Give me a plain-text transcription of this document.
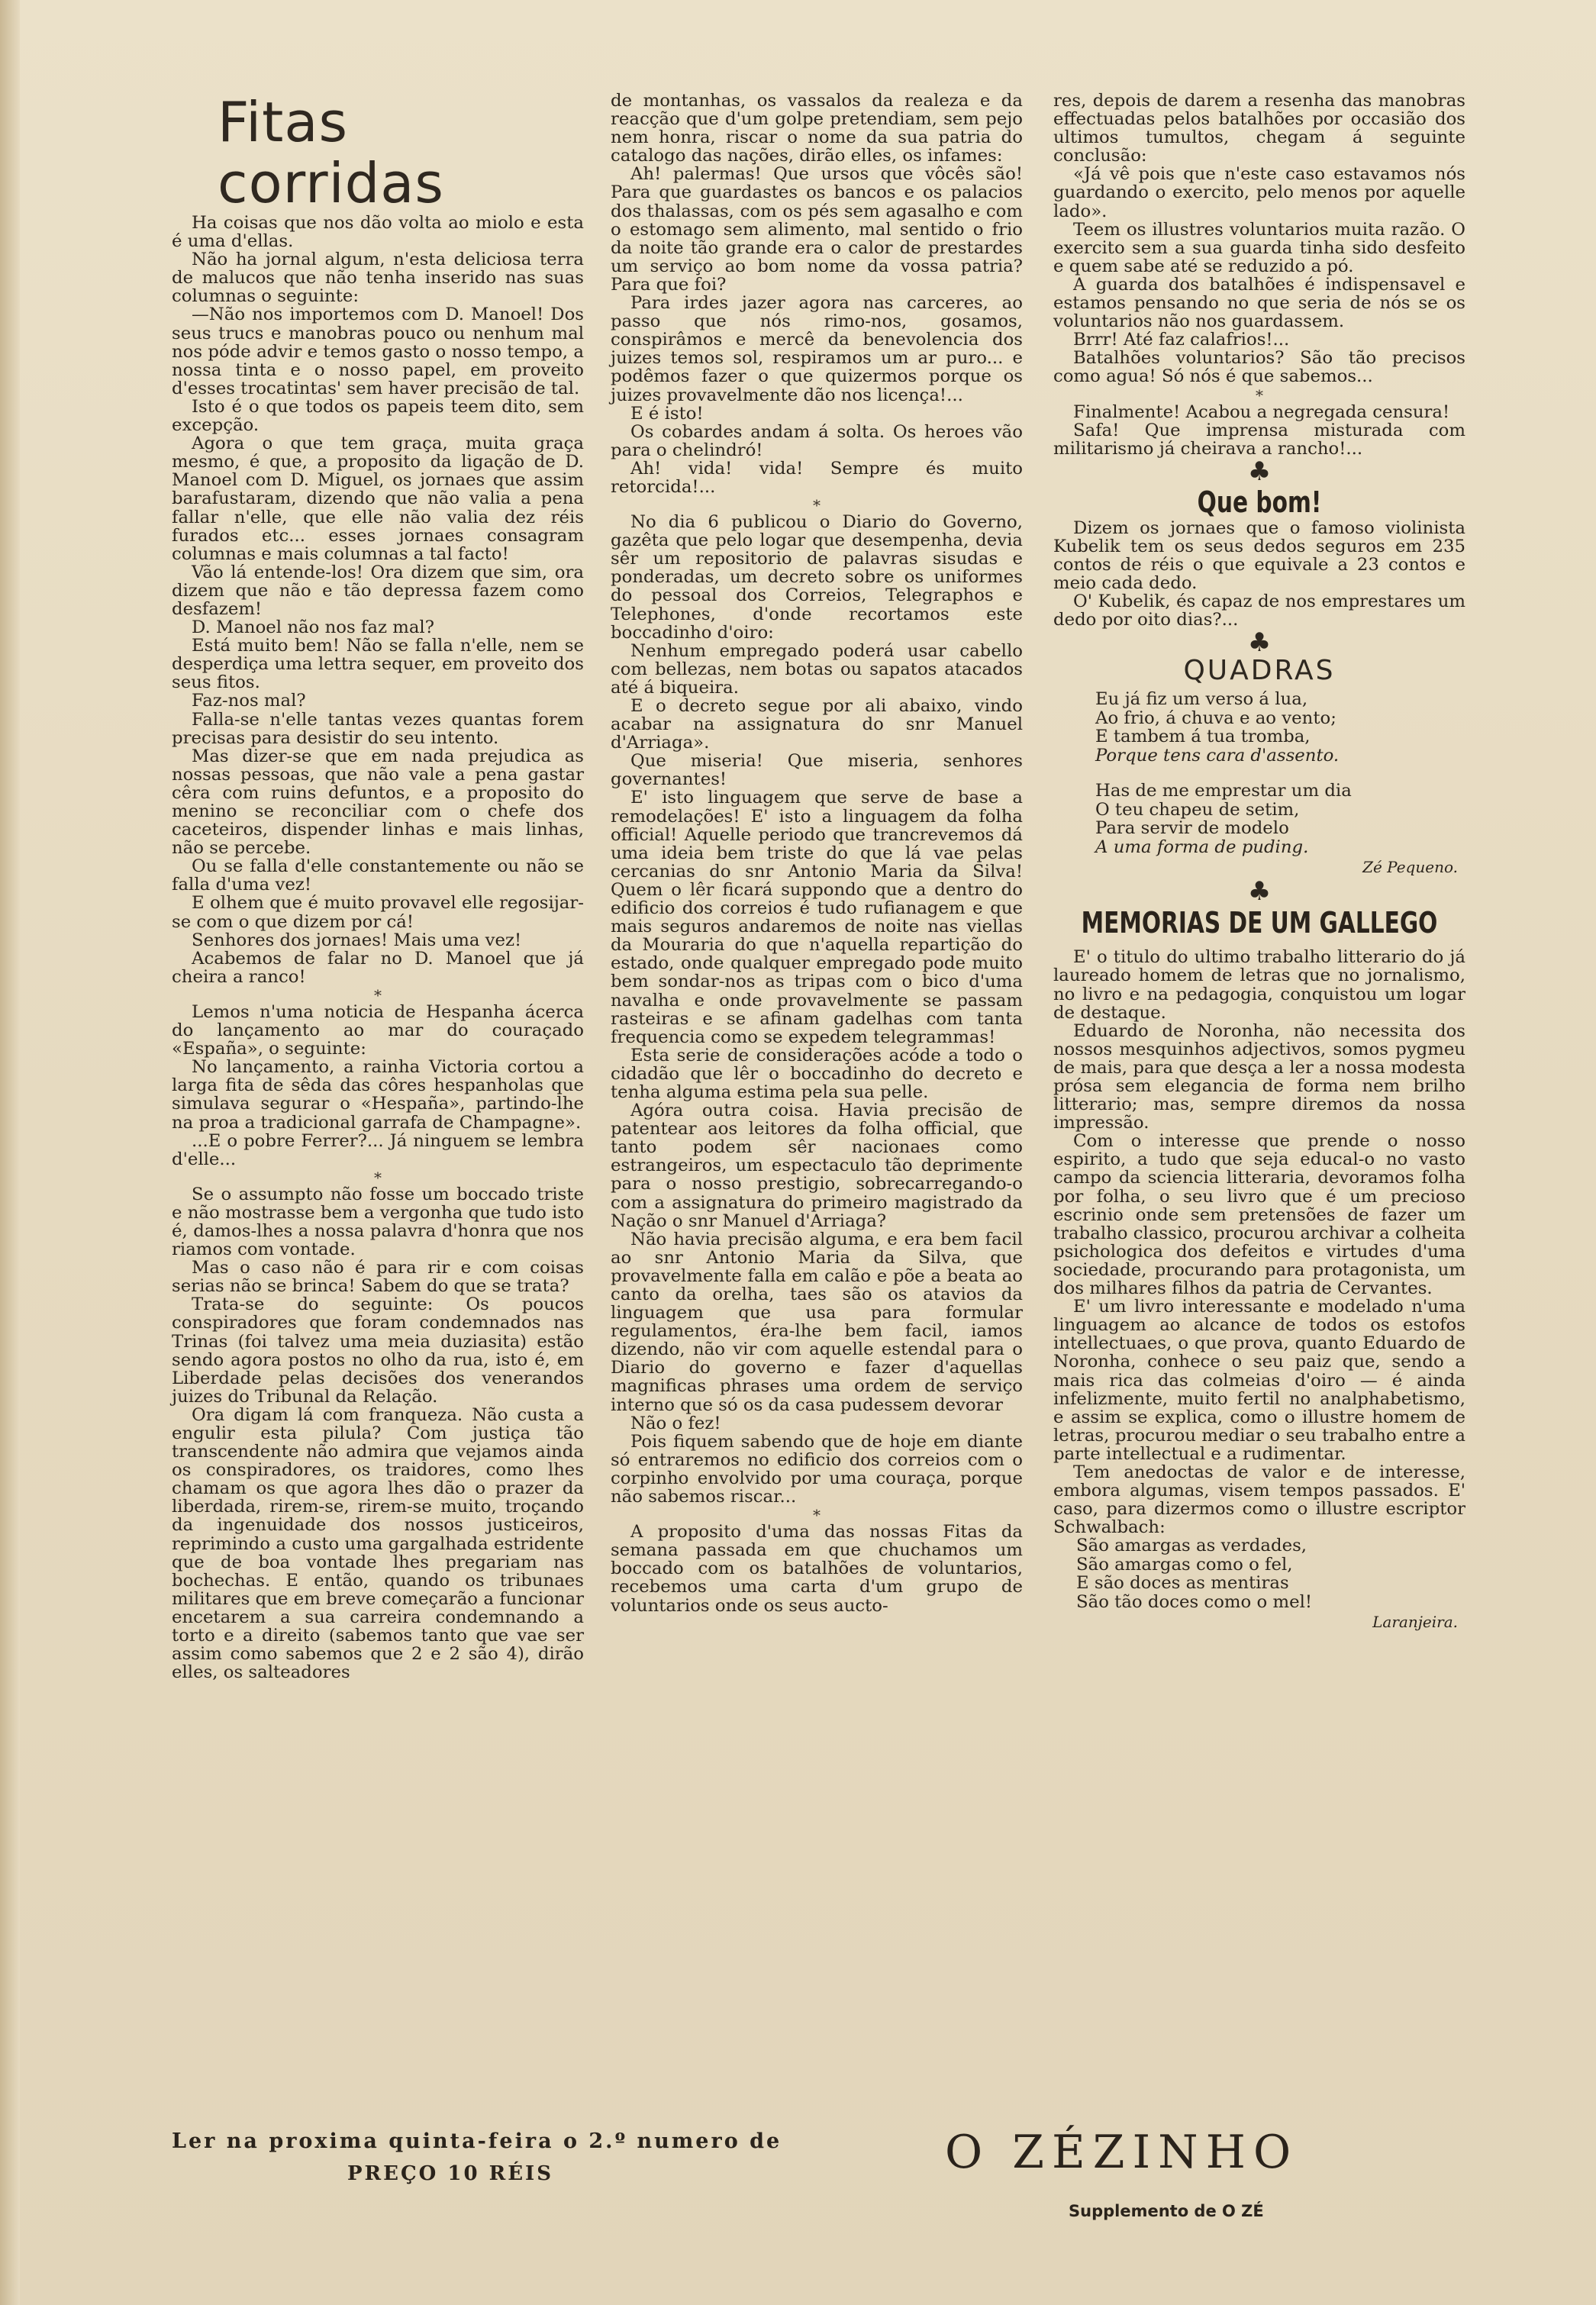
Fitas corridas

Ha coisas que nos dão volta ao miolo e esta é uma d'ellas.

Não ha jornal algum, n'esta deliciosa terra de malucos que não tenha inserido nas suas columnas o seguinte:

—Não nos importemos com D. Manoel! Dos seus trucs e manobras pouco ou nenhum mal nos póde advir e temos gasto o nosso tempo, a nossa tinta e o nosso papel, em proveito d'esses trocatintas' sem haver precisão de tal.

Isto é o que todos os papeis teem dito, sem excepção.

Agora o que tem graça, muita graça mesmo, é que, a proposito da ligação de D. Manoel com D. Miguel, os jornaes que assim barafustaram, dizendo que não valia a pena fallar n'elle, que elle não valia dez réis furados etc... esses jornaes consagram columnas e mais columnas a tal facto!

Vão lá entende-los! Ora dizem que sim, ora dizem que não e tão depressa fazem como desfazem!

D. Manoel não nos faz mal?

Está muito bem! Não se falla n'elle, nem se desperdiça uma lettra sequer, em proveito dos seus fitos.

Faz-nos mal?

Falla-se n'elle tantas vezes quantas forem precisas para desistir do seu intento.

Mas dizer-se que em nada prejudica as nossas pessoas, que não vale a pena gastar cêra com ruins defuntos, e a proposito do menino se reconciliar com o chefe dos caceteiros, dispender linhas e mais linhas, não se percebe.

Ou se falla d'elle constantemente ou não se falla d'uma vez!

E olhem que é muito provavel elle regosijar-se com o que dizem por cá!

Senhores dos jornaes! Mais uma vez!

Acabemos de falar no D. Manoel que já cheira a ranco!

*

Lemos n'uma noticia de Hespanha ácerca do lançamento ao mar do couraçado «España», o seguinte:

No lançamento, a rainha Victoria cortou a larga fita de sêda das côres hespanholas que simulava segurar o «Hespaña», partindo-lhe na proa a tradicional garrafa de Champagne».

...E o pobre Ferrer?... Já ninguem se lembra d'elle...

*

Se o assumpto não fosse um boccado triste e não mostrasse bem a vergonha que tudo isto é, damos-lhes a nossa palavra d'honra que nos riamos com vontade.

Mas o caso não é para rir e com coisas serias não se brinca! Sabem do que se trata?

Trata-se do seguinte: Os poucos conspiradores que foram condemnados nas Trinas (foi talvez uma meia duziasita) estão sendo agora postos no olho da rua, isto é, em Liberdade pelas decisões dos venerandos juizes do Tribunal da Relação.

Ora digam lá com franqueza. Não custa a engulir esta pilula? Com justiça tão transcendente não admira que vejamos ainda os conspiradores, os traidores, como lhes chamam os que agora lhes dão o prazer da liberdada, rirem-se, rirem-se muito, troçando da ingenuidade dos nossos justiceiros, reprimindo a custo uma gargalhada estridente que de boa vontade lhes pregariam nas bochechas. E então, quando os tribunaes militares que em breve começarão a funcionar encetarem a sua carreira condemnando a torto e a direito (sabemos tanto que vae ser assim como sabemos que 2 e 2 são 4), dirão elles, os salteadores

de montanhas, os vassalos da realeza e da reacção que d'um golpe pretendiam, sem pejo nem honra, riscar o nome da sua patria do catalogo das nações, dirão elles, os infames:

Ah! palermas! Que ursos que vôcês são! Para que guardastes os bancos e os palacios dos thalassas, com os pés sem agasalho e com o estomago sem alimento, mal sentido o frio da noite tão grande era o calor de prestardes um serviço ao bom nome da vossa patria? Para que foi?

Para irdes jazer agora nas carceres, ao passo que nós rimo-nos, gosamos, conspirâmos e mercê da benevolencia dos juizes temos sol, respiramos um ar puro... e podêmos fazer o que quizermos porque os juizes provavelmente dão nos licença!...

E é isto!

Os cobardes andam á solta. Os heroes vão para o chelindró!

Ah! vida! vida! Sempre és muito retorcida!...

*

No dia 6 publicou o Diario do Governo, gazêta que pelo logar que desempenha, devia sêr um repositorio de palavras sisudas e ponderadas, um decreto sobre os uniformes do pessoal dos Correios, Telegraphos e Telephones, d'onde recortamos este boccadinho d'oiro:

Nenhum empregado poderá usar cabello com bellezas, nem botas ou sapatos atacados até á biqueira.

E o decreto segue por ali abaixo, vindo acabar na assignatura do snr Manuel d'Arriaga».

Que miseria! Que miseria, senhores governantes!

E' isto linguagem que serve de base a remodelações! E' isto a linguagem da folha official! Aquelle periodo que trancrevemos dá uma ideia bem triste do que lá vae pelas cercanias do snr Antonio Maria da Silva! Quem o lêr ficará suppondo que a dentro do edificio dos correios é tudo rufianagem e que mais seguros andaremos de noite nas viellas da Mouraria do que n'aquella repartição do estado, onde qualquer empregado pode muito bem sondar-nos as tripas com o bico d'uma navalha e onde provavelmente se passam rasteiras e se afinam gadelhas com tanta frequencia como se expedem telegrammas!

Esta serie de considerações acóde a todo o cidadão que lêr o boccadinho do decreto e tenha alguma estima pela sua pelle.

Agóra outra coisa. Havia precisão de patentear aos leitores da folha official, que tanto podem sêr nacionaes como estrangeiros, um espectaculo tão deprimente para o nosso prestigio, sobrecarregando-o com a assignatura do primeiro magistrado da Nação o snr Manuel d'Arriaga?

Não havia precisão alguma, e era bem facil ao snr Antonio Maria da Silva, que provavelmente falla em calão e põe a beata ao canto da orelha, taes são os atavios da linguagem que usa para formular regulamentos, éra-lhe bem facil, iamos dizendo, não vir com aquelle estendal para o Diario do governo e fazer d'aquellas magnificas phrases uma ordem de serviço interno que só os da casa pudessem devorar

Não o fez!

Pois fiquem sabendo que de hoje em diante só entraremos no edificio dos correios com o corpinho envolvido por uma couraça, porque não sabemos riscar...

*

A proposito d'uma das nossas Fitas da semana passada em que chuchamos um boccado com os batalhões de voluntarios, recebemos uma carta d'um grupo de voluntarios onde os seus aucto-

res, depois de darem a resenha das manobras effectuadas pelos batalhões por occasião dos ultimos tumultos, chegam á seguinte conclusão:

«Já vê pois que n'este caso estavamos nós guardando o exercito, pelo menos por aquelle lado».

Teem os illustres voluntarios muita razão. O exercito sem a sua guarda tinha sido desfeito e quem sabe até se reduzido a pó.

A guarda dos batalhões é indispensavel e estamos pensando no que seria de nós se os voluntarios não nos guardassem.

Brrr! Até faz calafrios!...

Batalhões voluntarios? São tão precisos como agua! Só nós é que sabemos...

*

Finalmente! Acabou a negregada censura!

Safa! Que imprensa misturada com militarismo já cheirava a rancho!...

♣
Que bom!

Dizem os jornaes que o famoso violinista Kubelik tem os seus dedos seguros em 235 contos de réis o que equivale a 23 contos e meio cada dedo.

O' Kubelik, és capaz de nos emprestares um dedo por oito dias?...

♣
QUADRAS

Eu já fiz um verso á lua,

Ao frio, á chuva e ao vento;

E tambem á tua tromba,

Porque tens cara d'assento.

Has de me emprestar um dia

O teu chapeu de setim,

Para servir de modelo

A uma forma de puding.

Zé Pequeno.

♣
MEMORIAS DE UM GALLEGO

E' o titulo do ultimo trabalho litterario do já laureado homem de letras que no jornalismo, no livro e na pedagogia, conquistou um logar de destaque.

Eduardo de Noronha, não necessita dos nossos mesquinhos adjectivos, somos pygmeu de mais, para que desça a ler a nossa modesta prósa sem elegancia de forma nem brilho litterario; mas, sempre diremos da nossa impressão.

Com o interesse que prende o nosso espirito, a tudo que seja educal-o no vasto campo da sciencia litteraria, devoramos folha por folha, o seu livro que é um precioso escrinio onde sem pretensões de fazer um trabalho classico, procurou archivar a colheita psichologica dos defeitos e virtudes d'uma sociedade, procurando para protagonista, um dos milhares filhos da patria de Cervantes.

E' um livro interessante e modelado n'uma linguagem ao alcance de todos os estofos intellectuaes, o que prova, quanto Eduardo de Noronha, conhece o seu paiz que, sendo a mais rica das colmeias d'oiro — é ainda infelizmente, muito fertil no analphabetismo, e assim se explica, como o illustre homem de letras, procurou mediar o seu trabalho entre a parte intellectual e a rudimentar.

Tem anedoctas de valor e de interesse, embora algumas, visem tempos passados. E' caso, para dizermos como o illustre escriptor Schwalbach:

São amargas as verdades,

São amargas como o fel,

E são doces as mentiras

São tão doces como o mel!

Laranjeira.

Ler na proxima quinta-feira o 2.º numero de

PREÇO 10 RÉIS	O ZÉZINHO
Supplemento de O ZÉ
